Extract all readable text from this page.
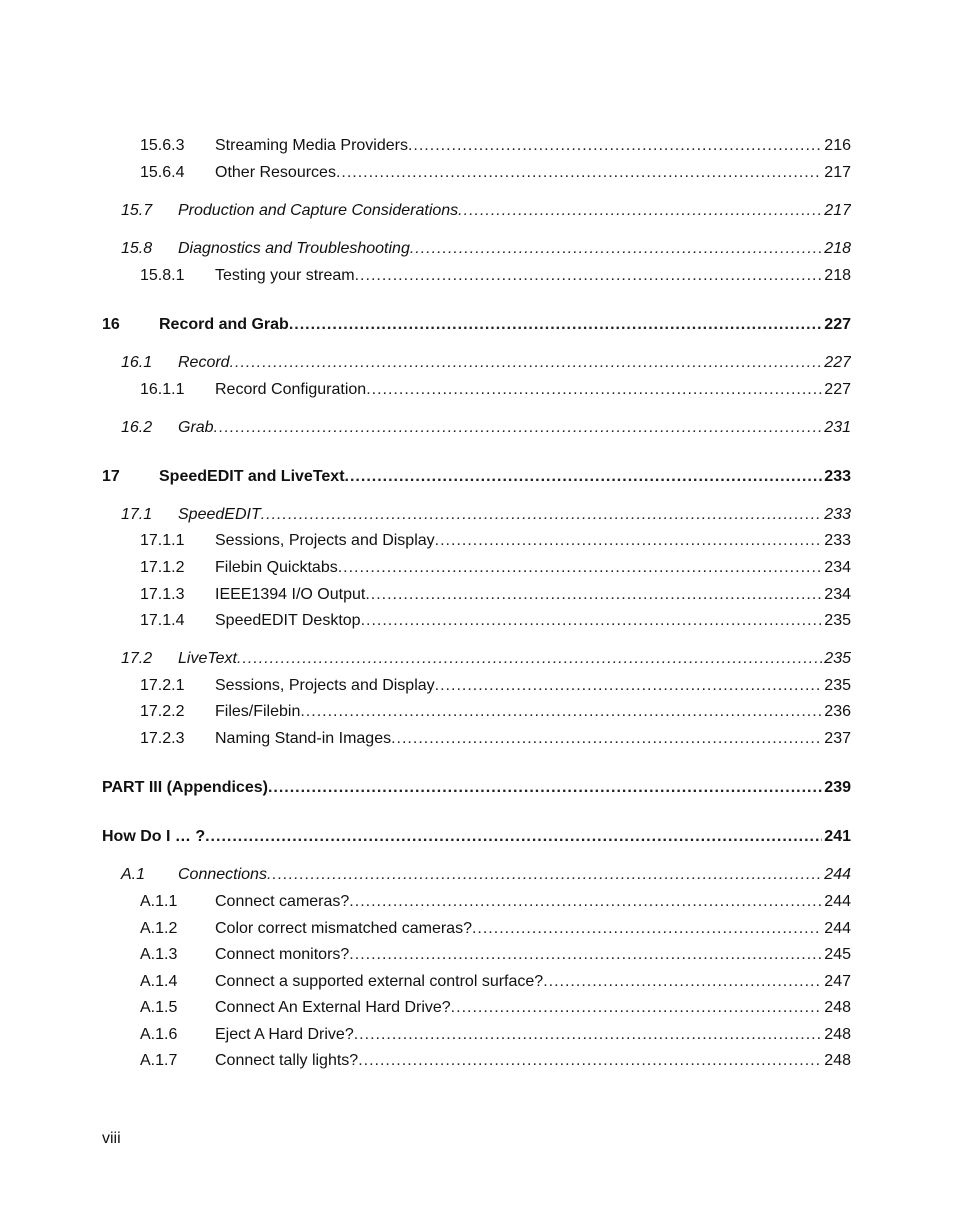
15.6.3 Streaming Media Providers .....	216
15.6.4 Other Resources .....	217
15.7 Production and Capture Considerations .....	217
15.8 Diagnostics and Troubleshooting .....	218
15.8.1 Testing your stream .....	218
16 Record and Grab .....	227
16.1 Record .....	227
16.1.1 Record Configuration .....	227
16.2 Grab .....	231
17 SpeedEDIT and LiveText .....	233
17.1 SpeedEDIT .....	233
17.1.1 Sessions, Projects and Display .....	233
17.1.2 Filebin Quicktabs .....	234
17.1.3 IEEE1394 I/O Output .....	234
17.1.4 SpeedEDIT Desktop .....	235
17.2 LiveText .....	235
17.2.1 Sessions, Projects and Display .....	235
17.2.2 Files/Filebin .....	236
17.2.3 Naming Stand-in Images .....	237
PART III (Appendices) .....	239
How Do I … ? .....	241
A.1 Connections .....	244
A.1.1 Connect cameras? .....	244
A.1.2 Color correct mismatched cameras? .....	244
A.1.3 Connect monitors? .....	245
A.1.4 Connect a supported external control surface? .....	247
A.1.5 Connect An External Hard Drive? .....	248
A.1.6 Eject A Hard Drive? .....	248
A.1.7 Connect tally lights? .....	248
viii
